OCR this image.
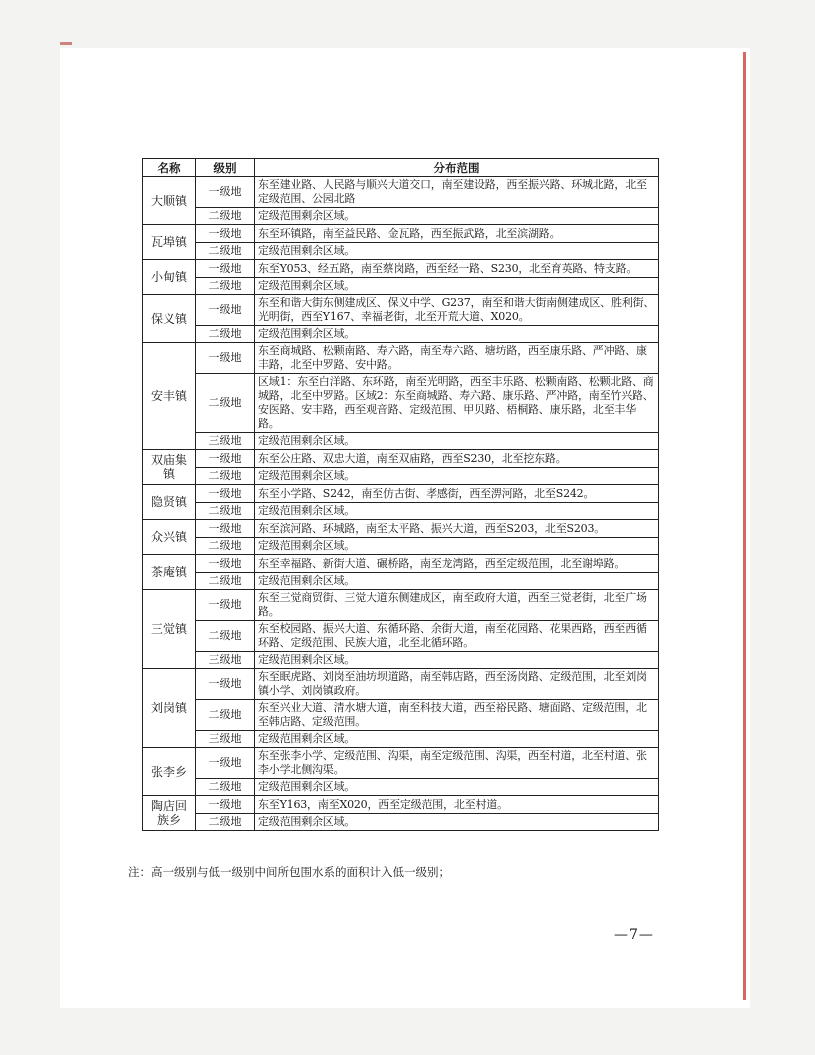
名称	级别	分布范围
大顺镇	一级地	东至建业路、人民路与顺兴大道交口，南至建设路，西至振兴路、环城北路，北至定级范围、公园北路
	二级地	定级范围剩余区域。
瓦埠镇	一级地	东至环镇路，南至益民路、金瓦路，西至振武路，北至滨湖路。
	二级地	定级范围剩余区域。
小甸镇	一级地	东至Y053、经五路，南至蔡岗路，西至经一路、S230，北至育英路、特支路。
	二级地	定级范围剩余区域。
保义镇	一级地	东至和谐大街东侧建成区、保义中学、G237，南至和谐大街南侧建成区、胜利街、光明街，西至Y167、幸福老街，北至开荒大道、X020。
	二级地	定级范围剩余区域。
安丰镇	一级地	东至商城路、松颗南路、寿六路，南至寿六路、塘坊路，西至康乐路、严冲路、康丰路，北至中罗路、安中路。
	二级地	区域1：东至白洋路、东环路，南至光明路，西至丰乐路、松颗南路、松颗北路、商城路，北至中罗路。区域2：东至商城路、寿六路、康乐路、严冲路，南至竹兴路、安医路、安丰路，西至观音路、定级范围、甲贝路、梧桐路、康乐路，北至丰华路。
	三级地	定级范围剩余区域。
双庙集镇	一级地	东至公庄路、双忠大道，南至双庙路，西至S230，北至挖东路。
	二级地	定级范围剩余区域。
隐贤镇	一级地	东至小学路、S242，南至仿古街、孝感街，西至淠河路，北至S242。
	二级地	定级范围剩余区域。
众兴镇	一级地	东至滨河路、环城路，南至太平路、振兴大道，西至S203，北至S203。
	二级地	定级范围剩余区域。
茶庵镇	一级地	东至幸福路、新街大道、碾桥路，南至龙湾路，西至定级范围，北至谢埠路。
	二级地	定级范围剩余区域。
三觉镇	一级地	东至三觉商贸街、三觉大道东侧建成区，南至政府大道，西至三觉老街，北至广场路。
	二级地	东至校园路、振兴大道、东循环路、余街大道，南至花园路、花果西路，西至西循环路、定级范围、民族大道，北至北循环路。
	三级地	定级范围剩余区域。
刘岗镇	一级地	东至眠虎路、刘岗至油坊坝道路，南至韩店路，西至汤岗路、定级范围，北至刘岗镇小学、刘岗镇政府。
	二级地	东至兴业大道、清水塘大道，南至科技大道，西至裕民路、塘面路、定级范围，北至韩店路、定级范围。
	三级地	定级范围剩余区域。
张李乡	一级地	东至张李小学、定级范围、沟渠，南至定级范围、沟渠，西至村道，北至村道、张李小学北侧沟渠。
	二级地	定级范围剩余区域。
陶店回族乡	一级地	东至Y163，南至X020，西至定级范围，北至村道。
	二级地	定级范围剩余区域。
注：高一级别与低一级别中间所包围水系的面积计入低一级别；
—7—
